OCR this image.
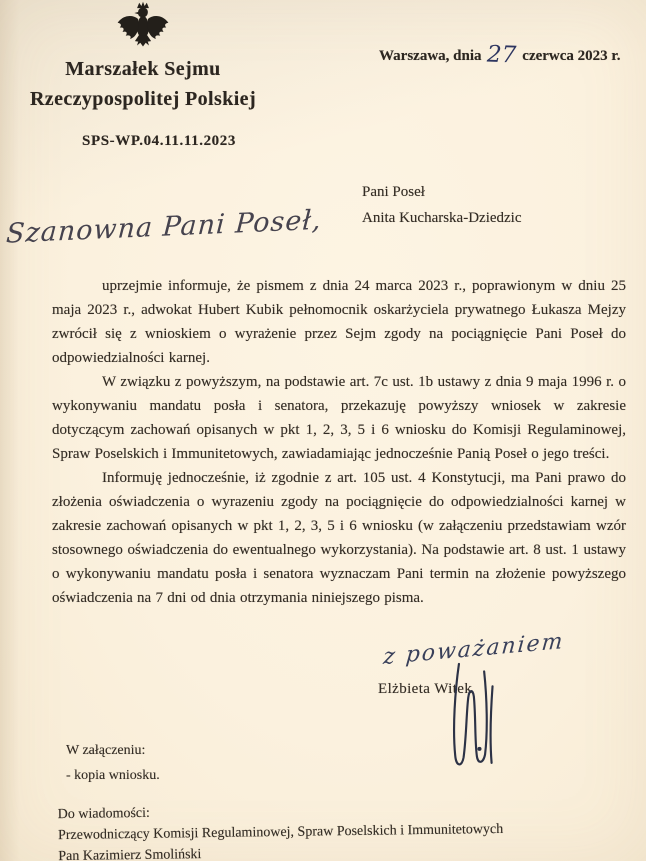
Marszałek Sejmu
Rzeczypospolitej Polskiej
SPS-WP.04.11.11.2023
Warszawa, dnia 27 czerwca 2023 r.
Pani Poseł
Anita Kucharska-Dziedzic
Szanowna Pani Poseł,

uprzejmie informuje, że pismem z dnia 24 marca 2023 r., poprawionym w dniu 25 maja 2023 r., adwokat Hubert Kubik pełnomocnik oskarżyciela prywatnego Łukasza Mejzy zwrócił się z wnioskiem o wyrażenie przez Sejm zgody na pociągnięcie Pani Poseł do odpowiedzialności karnej.

W związku z powyższym, na podstawie art. 7c ust. 1b ustawy z dnia 9 maja 1996 r. o wykonywaniu mandatu posła i senatora, przekazuję powyższy wniosek w zakresie dotyczącym zachowań opisanych w pkt 1, 2, 3, 5 i 6 wniosku do Komisji Regulaminowej, Spraw Poselskich i Immunitetowych, zawiadamiając jednocześnie Panią Poseł o jego treści.

Informuję jednocześnie, iż zgodnie z art. 105 ust. 4 Konstytucji, ma Pani prawo do złożenia oświadczenia o wyrazeniu zgody na pociągnięcie do odpowiedzialności karnej w zakresie zachowań opisanych w pkt 1, 2, 3, 5 i 6 wniosku (w załączeniu przedstawiam wzór stosownego oświadczenia do ewentualnego wykorzystania). Na podstawie art. 8 ust. 1 ustawy o wykonywaniu mandatu posła i senatora wyznaczam Pani termin na złożenie powyższego oświadczenia na 7 dni od dnia otrzymania niniejszego pisma.

z poważaniem
Elżbieta Witek
W załączeniu:
- kopia wniosku.
Do wiadomości:
Przewodniczący Komisji Regulaminowej, Spraw Poselskich i Immunitetowych
Pan Kazimierz Smoliński
